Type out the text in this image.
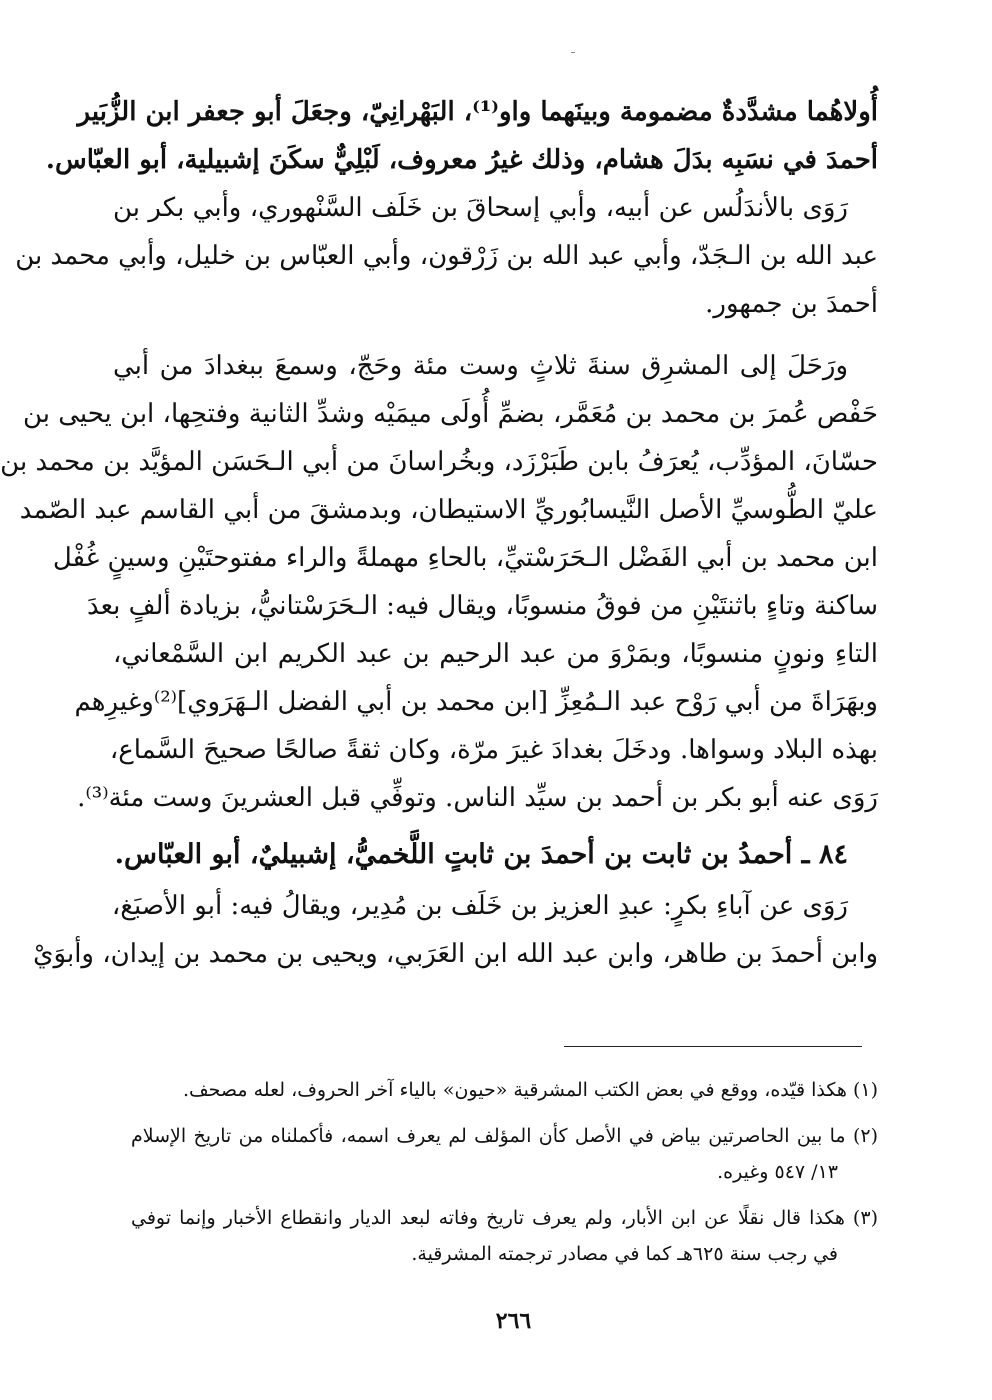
أُولاهُما مشدَّدةٌ مضمومة وبينَهما واو⁽¹⁾، البَهْرانِيّ، وجعَلَ أبو جعفر ابن الزُّبَير
أحمدَ في نسَبِه بدَلَ هشام، وذلك غيرُ معروف، لَبْلِيٌّ سكَنَ إشبيلية، أبو العبّاس.
رَوَى بالأندَلُس عن أبيه، وأبي إسحاقَ بن خَلَف السَّنْهوري، وأبي بكر بن
عبد الله بن الـجَدّ، وأبي عبد الله بن زَرْقون، وأبي العبّاس بن خليل، وأبي محمد بن
أحمدَ بن جمهور.
ورَحَلَ إلى المشرِق سنةَ ثلاثٍ وست مئة وحَجّ، وسمعَ ببغدادَ من أبي
حَفْص عُمرَ بن محمد بن مُعَمَّر، بضمِّ أُولَى ميمَيْه وشدِّ الثانية وفتحِها، ابن يحيى بن
حسّانَ، المؤدِّب، يُعرَفُ بابن طَبَرْزَد، وبخُراسانَ من أبي الـحَسَن المؤيَّد بن محمد بن
عليّ الطُّوسيِّ الأصل النَّيسابُوريِّ الاستيطان، وبدمشقَ من أبي القاسم عبد الصّمد
ابن محمد بن أبي الفَضْل الـحَرَسْتيِّ، بالحاءِ مهملةً والراء مفتوحتَيْنِ وسينٍ غُفْل
ساكنة وتاءٍ باثنتَيْنِ من فوقُ منسوبًا، ويقال فيه: الـحَرَسْتانيُّ، بزيادة ألفٍ بعدَ
التاءِ ونونٍ منسوبًا، وبمَرْوَ من عبد الرحيم بن عبد الكريم ابن السَّمْعاني،
وبهَرَاةَ من أبي رَوْح عبد الـمُعِزِّ [ابن محمد بن أبي الفضل الـهَرَوي]⁽²⁾وغيرِهم
بهذه البلاد وسواها. ودخَلَ بغدادَ غيرَ مرّة، وكان ثقةً صالحًا صحيحَ السَّماع،
رَوَى عنه أبو بكر بن أحمد بن سيِّد الناس. وتوفِّي قبل العشرينَ وست مئة⁽³⁾.
٨٤ ـ أحمدُ بن ثابت بن أحمدَ بن ثابتٍ اللَّخميُّ، إشبيليٌ، أبو العبّاس.
رَوَى عن آباءِ بكرٍ: عبدِ العزيز بن خَلَف بن مُدِير، ويقالُ فيه: أبو الأصبَغ،
وابن أحمدَ بن طاهر، وابن عبد الله ابن العَرَبي، ويحيى بن محمد بن إيدان، وأبوَيْ
(١) هكذا قيّده، ووقع في بعض الكتب المشرقية «حيون» بالياء آخر الحروف، لعله مصحف.
(٢) ما بين الحاصرتين بياض في الأصل كأن المؤلف لم يعرف اسمه، فأكملناه من تاريخ الإسلام
١٣/ ٥٤٧ وغيره.
(٣) هكذا قال نقلًا عن ابن الأبار، ولم يعرف تاريخ وفاته لبعد الديار وانقطاع الأخبار وإنما توفي
في رجب سنة ٦٢٥هـ كما في مصادر ترجمته المشرقية.
٢٦٦
